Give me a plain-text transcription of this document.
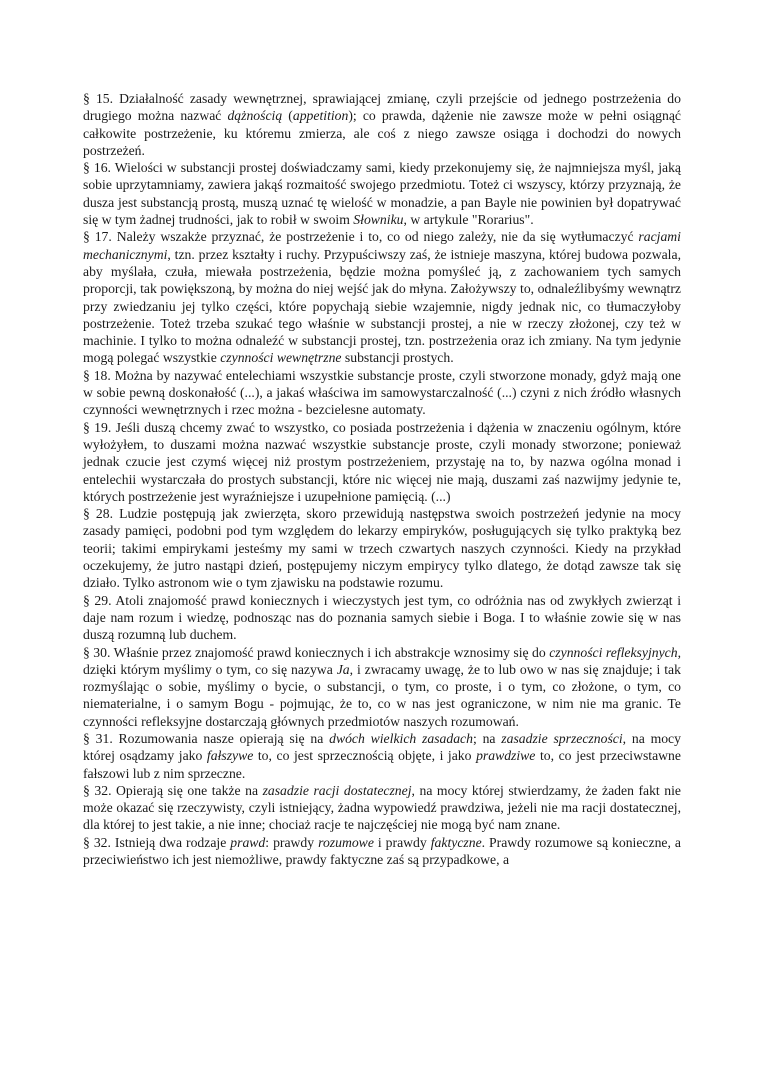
§ 15. Działalność zasady wewnętrznej, sprawiającej zmianę, czyli przejście od jednego postrzeżenia do drugiego można nazwać dążnością (appetition); co prawda, dążenie nie zawsze może w pełni osiągnąć całkowite postrzeżenie, ku któremu zmierza, ale coś z niego zawsze osiąga i dochodzi do nowych postrzeżeń.

§ 16. Wielości w substancji prostej doświadczamy sami, kiedy przekonujemy się, że najmniejsza myśl, jaką sobie uprzytamniamy, zawiera jakąś rozmaitość swojego przedmiotu. Toteż ci wszyscy, którzy przyznają, że dusza jest substancją prostą, muszą uznać tę wielość w monadzie, a pan Bayle nie powinien był dopatrywać się w tym żadnej trudności, jak to robił w swoim Słowniku, w artykule "Rorarius".

§ 17. Należy wszakże przyznać, że postrzeżenie i to, co od niego zależy, nie da się wytłumaczyć racjami mechanicznymi, tzn. przez kształty i ruchy. Przypuściwszy zaś, że istnieje maszyna, której budowa pozwala, aby myślała, czuła, miewała postrzeżenia, będzie można pomyśleć ją, z zachowaniem tych samych proporcji, tak powiększoną, by można do niej wejść jak do młyna. Założywszy to, odnaleźlibyśmy wewnątrz przy zwiedzaniu jej tylko części, które popychają siebie wzajemnie, nigdy jednak nic, co tłumaczyłoby postrzeżenie. Toteż trzeba szukać tego właśnie w substancji prostej, a nie w rzeczy złożonej, czy też w machinie. I tylko to można odnaleźć w substancji prostej, tzn. postrzeżenia oraz ich zmiany. Na tym jedynie mogą polegać wszystkie czynności wewnętrzne substancji prostych.

§ 18. Można by nazywać entelechiami wszystkie substancje proste, czyli stworzone monady, gdyż mają one w sobie pewną doskonałość (...), a jakaś właściwa im samowystarczalność (...) czyni z nich źródło własnych czynności wewnętrznych i rzec można - bezcielesne automaty.

§ 19. Jeśli duszą chcemy zwać to wszystko, co posiada postrzeżenia i dążenia w znaczeniu ogólnym, które wyłożyłem, to duszami można nazwać wszystkie substancje proste, czyli monady stworzone; ponieważ jednak czucie jest czymś więcej niż prostym postrzeżeniem, przystaję na to, by nazwa ogólna monad i entelechii wystarczała do prostych substancji, które nic więcej nie mają, duszami zaś nazwijmy jedynie te, których postrzeżenie jest wyraźniejsze i uzupełnione pamięcią. (...)

§ 28. Ludzie postępują jak zwierzęta, skoro przewidują następstwa swoich postrzeżeń jedynie na mocy zasady pamięci, podobni pod tym względem do lekarzy empiryków, posługujących się tylko praktyką bez teorii; takimi empirykami jesteśmy my sami w trzech czwartych naszych czynności. Kiedy na przykład oczekujemy, że jutro nastąpi dzień, postępujemy niczym empirycy tylko dlatego, że dotąd zawsze tak się działo. Tylko astronom wie o tym zjawisku na podstawie rozumu.

§ 29. Atoli znajomość prawd koniecznych i wieczystych jest tym, co odróżnia nas od zwykłych zwierząt i daje nam rozum i wiedzę, podnosząc nas do poznania samych siebie i Boga. I to właśnie zowie się w nas duszą rozumną lub duchem.

§ 30. Właśnie przez znajomość prawd koniecznych i ich abstrakcje wznosimy się do czynności refleksyjnych, dzięki którym myślimy o tym, co się nazywa Ja, i zwracamy uwagę, że to lub owo w nas się znajduje; i tak rozmyślając o sobie, myślimy o bycie, o substancji, o tym, co proste, i o tym, co złożone, o tym, co niematerialne, i o samym Bogu - pojmując, że to, co w nas jest ograniczone, w nim nie ma granic. Te czynności refleksyjne dostarczają głównych przedmiotów naszych rozumowań.

§ 31. Rozumowania nasze opierają się na dwóch wielkich zasadach; na zasadzie sprzeczności, na mocy której osądzamy jako fałszywe to, co jest sprzecznością objęte, i jako prawdziwe to, co jest przeciwstawne fałszowi lub z nim sprzeczne.

§ 32. Opierają się one także na zasadzie racji dostatecznej, na mocy której stwierdzamy, że żaden fakt nie może okazać się rzeczywisty, czyli istniejący, żadna wypowiedź prawdziwa, jeżeli nie ma racji dostatecznej, dla której to jest takie, a nie inne; chociaż racje te najczęściej nie mogą być nam znane.

§ 32. Istnieją dwa rodzaje prawd: prawdy rozumowe i prawdy faktyczne. Prawdy rozumowe są konieczne, a przeciwieństwo ich jest niemożliwe, prawdy faktyczne zaś są przypadkowe, a
